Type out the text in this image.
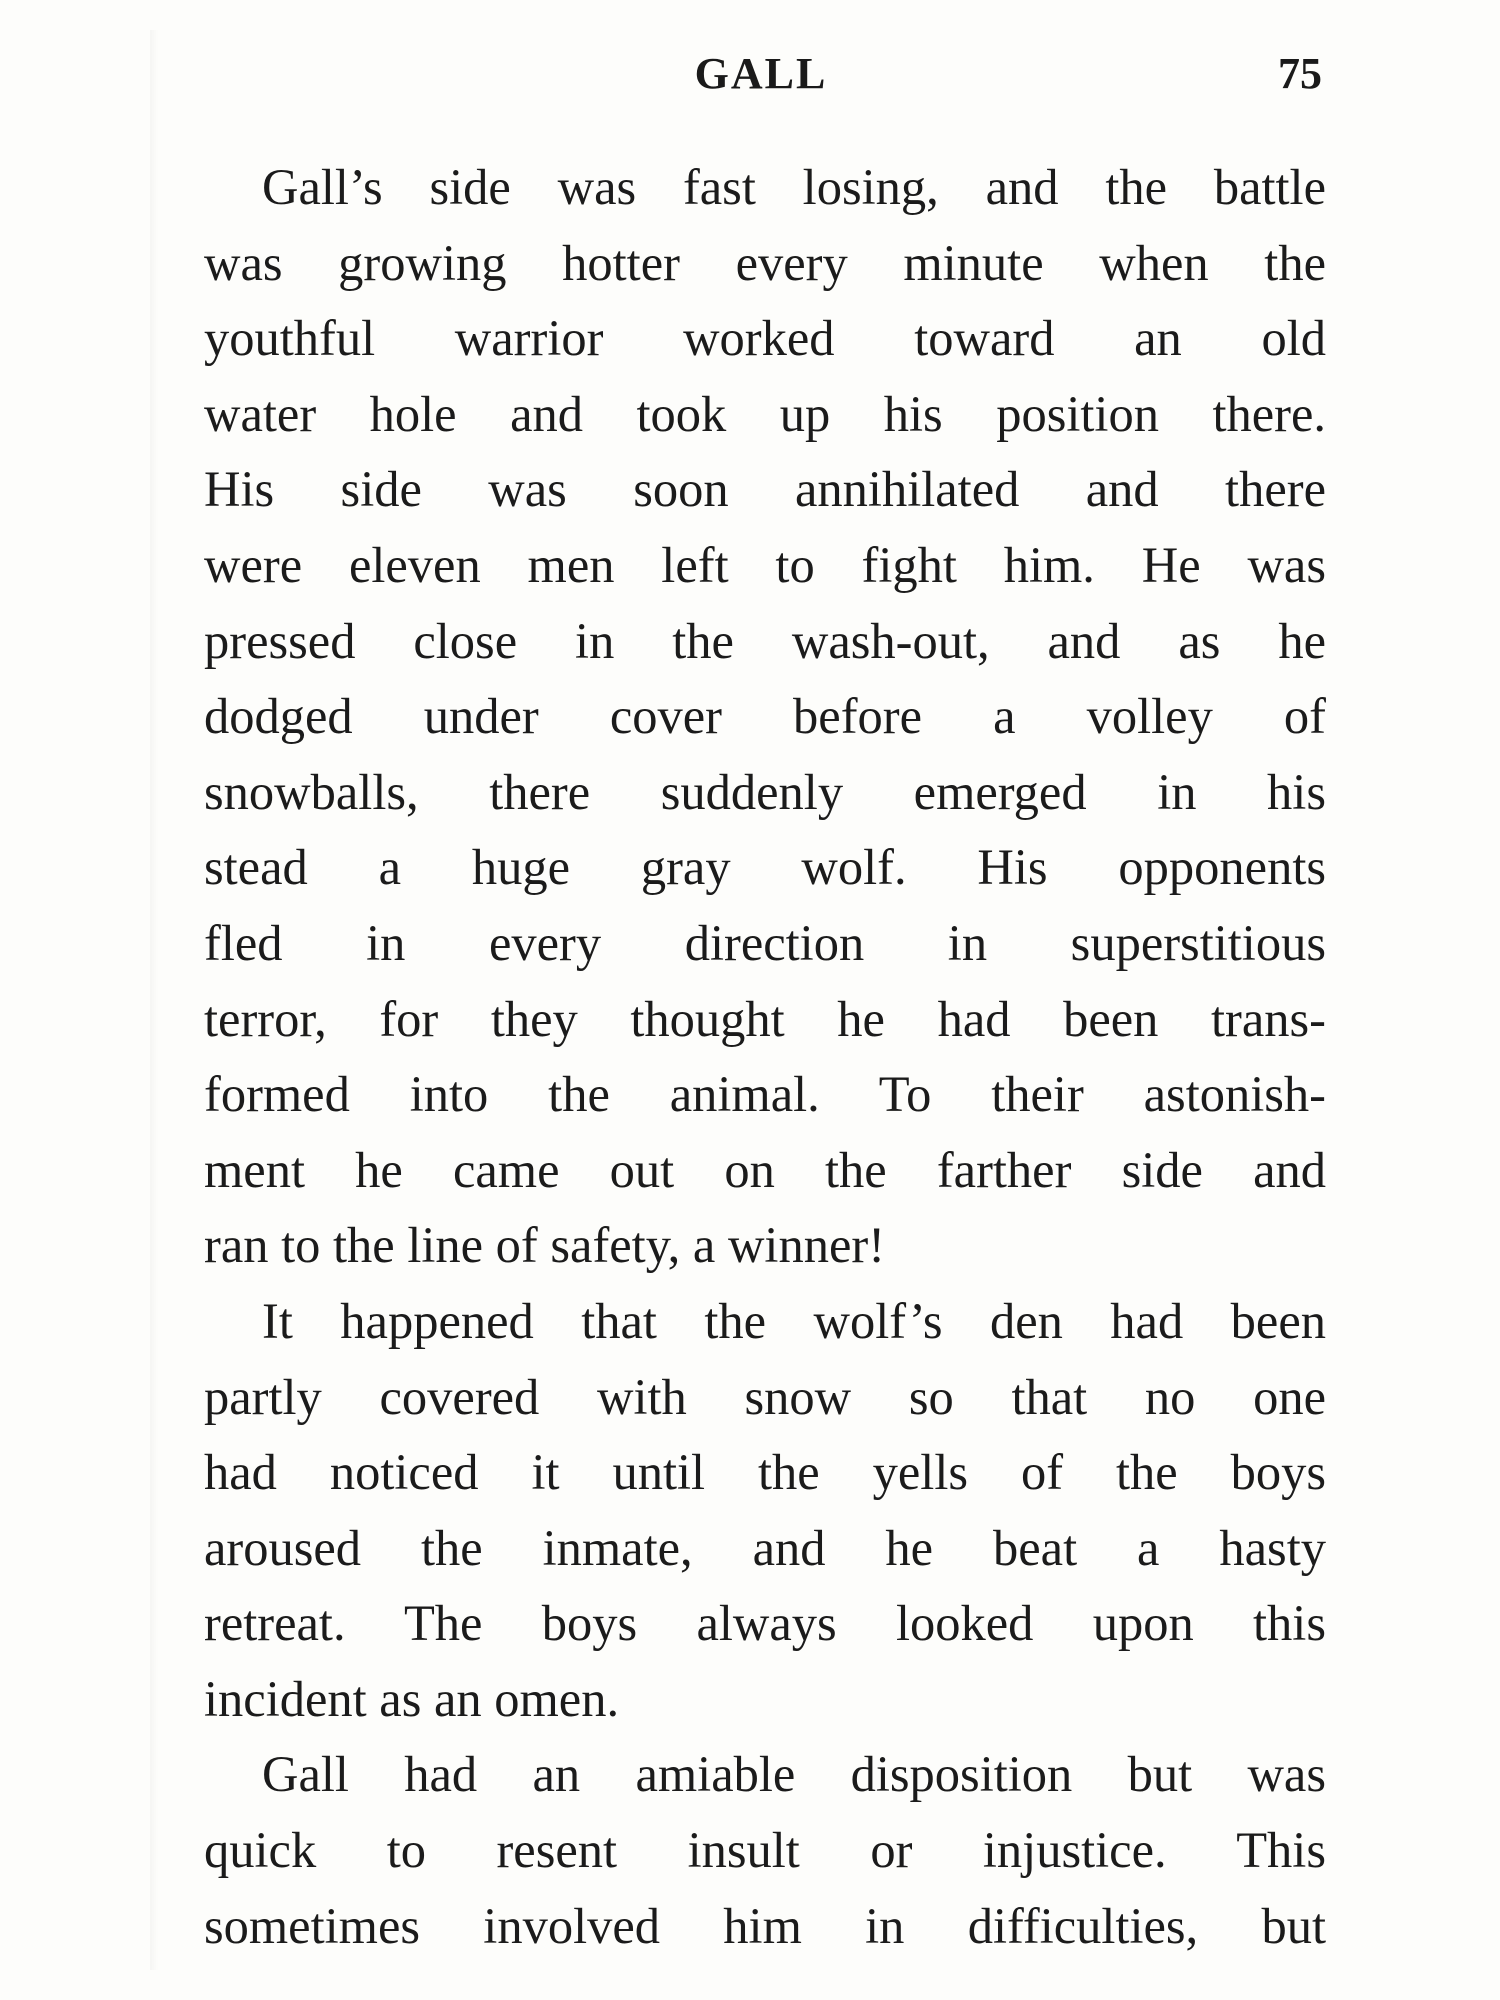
GALL	75
Gall’s side was fast losing, and the battle
was growing hotter every minute when the
youthful warrior worked toward an old
water hole and took up his position there.
His side was soon annihilated and there
were eleven men left to fight him. He was
pressed close in the wash-out, and as he
dodged under cover before a volley of
snowballs, there suddenly emerged in his
stead a huge gray wolf. His opponents
fled in every direction in superstitious
terror, for they thought he had been trans-
formed into the animal. To their astonish-
ment he came out on the farther side and
ran to the line of safety, a winner!
It happened that the wolf’s den had been
partly covered with snow so that no one
had noticed it until the yells of the boys
aroused the inmate, and he beat a hasty
retreat. The boys always looked upon this
incident as an omen.
Gall had an amiable disposition but was
quick to resent insult or injustice. This
sometimes involved him in difficulties, but
